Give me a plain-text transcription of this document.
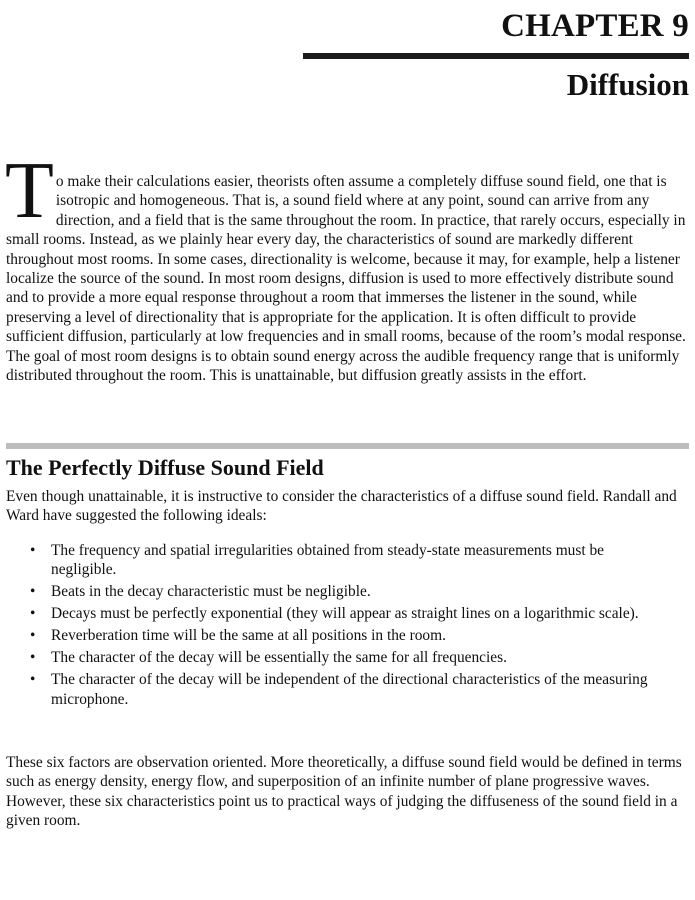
CHAPTER 9
Diffusion

To make their calculations easier, theorists often assume a completely diffuse sound field, one that is isotropic and homogeneous. That is, a sound field where at any point, sound can arrive from any direction, and a field that is the same throughout the room. In practice, that rarely occurs, especially in small rooms. Instead, as we plainly hear every day, the characteristics of sound are markedly different throughout most rooms. In some cases, directionality is welcome, because it may, for example, help a listener localize the source of the sound. In most room designs, diffusion is used to more effectively distribute sound and to provide a more equal response throughout a room that immerses the listener in the sound, while preserving a level of directionality that is appropriate for the application. It is often difficult to provide sufficient diffusion, particularly at low frequencies and in small rooms, because of the room’s modal response. The goal of most room designs is to obtain sound energy across the audible frequency range that is uniformly distributed throughout the room. This is unattainable, but diffusion greatly assists in the effort.

The Perfectly Diffuse Sound Field

Even though unattainable, it is instructive to consider the characteristics of a diffuse sound field. Randall and Ward have suggested the following ideals:

• The frequency and spatial irregularities obtained from steady-state measurements must be negligible.
• Beats in the decay characteristic must be negligible.
• Decays must be perfectly exponential (they will appear as straight lines on a logarithmic scale).
• Reverberation time will be the same at all positions in the room.
• The character of the decay will be essentially the same for all frequencies.
• The character of the decay will be independent of the directional characteristics of the measuring microphone.

These six factors are observation oriented. More theoretically, a diffuse sound field would be defined in terms such as energy density, energy flow, and superposition of an infinite number of plane progressive waves. However, these six characteristics point us to practical ways of judging the diffuseness of the sound field in a given room.
